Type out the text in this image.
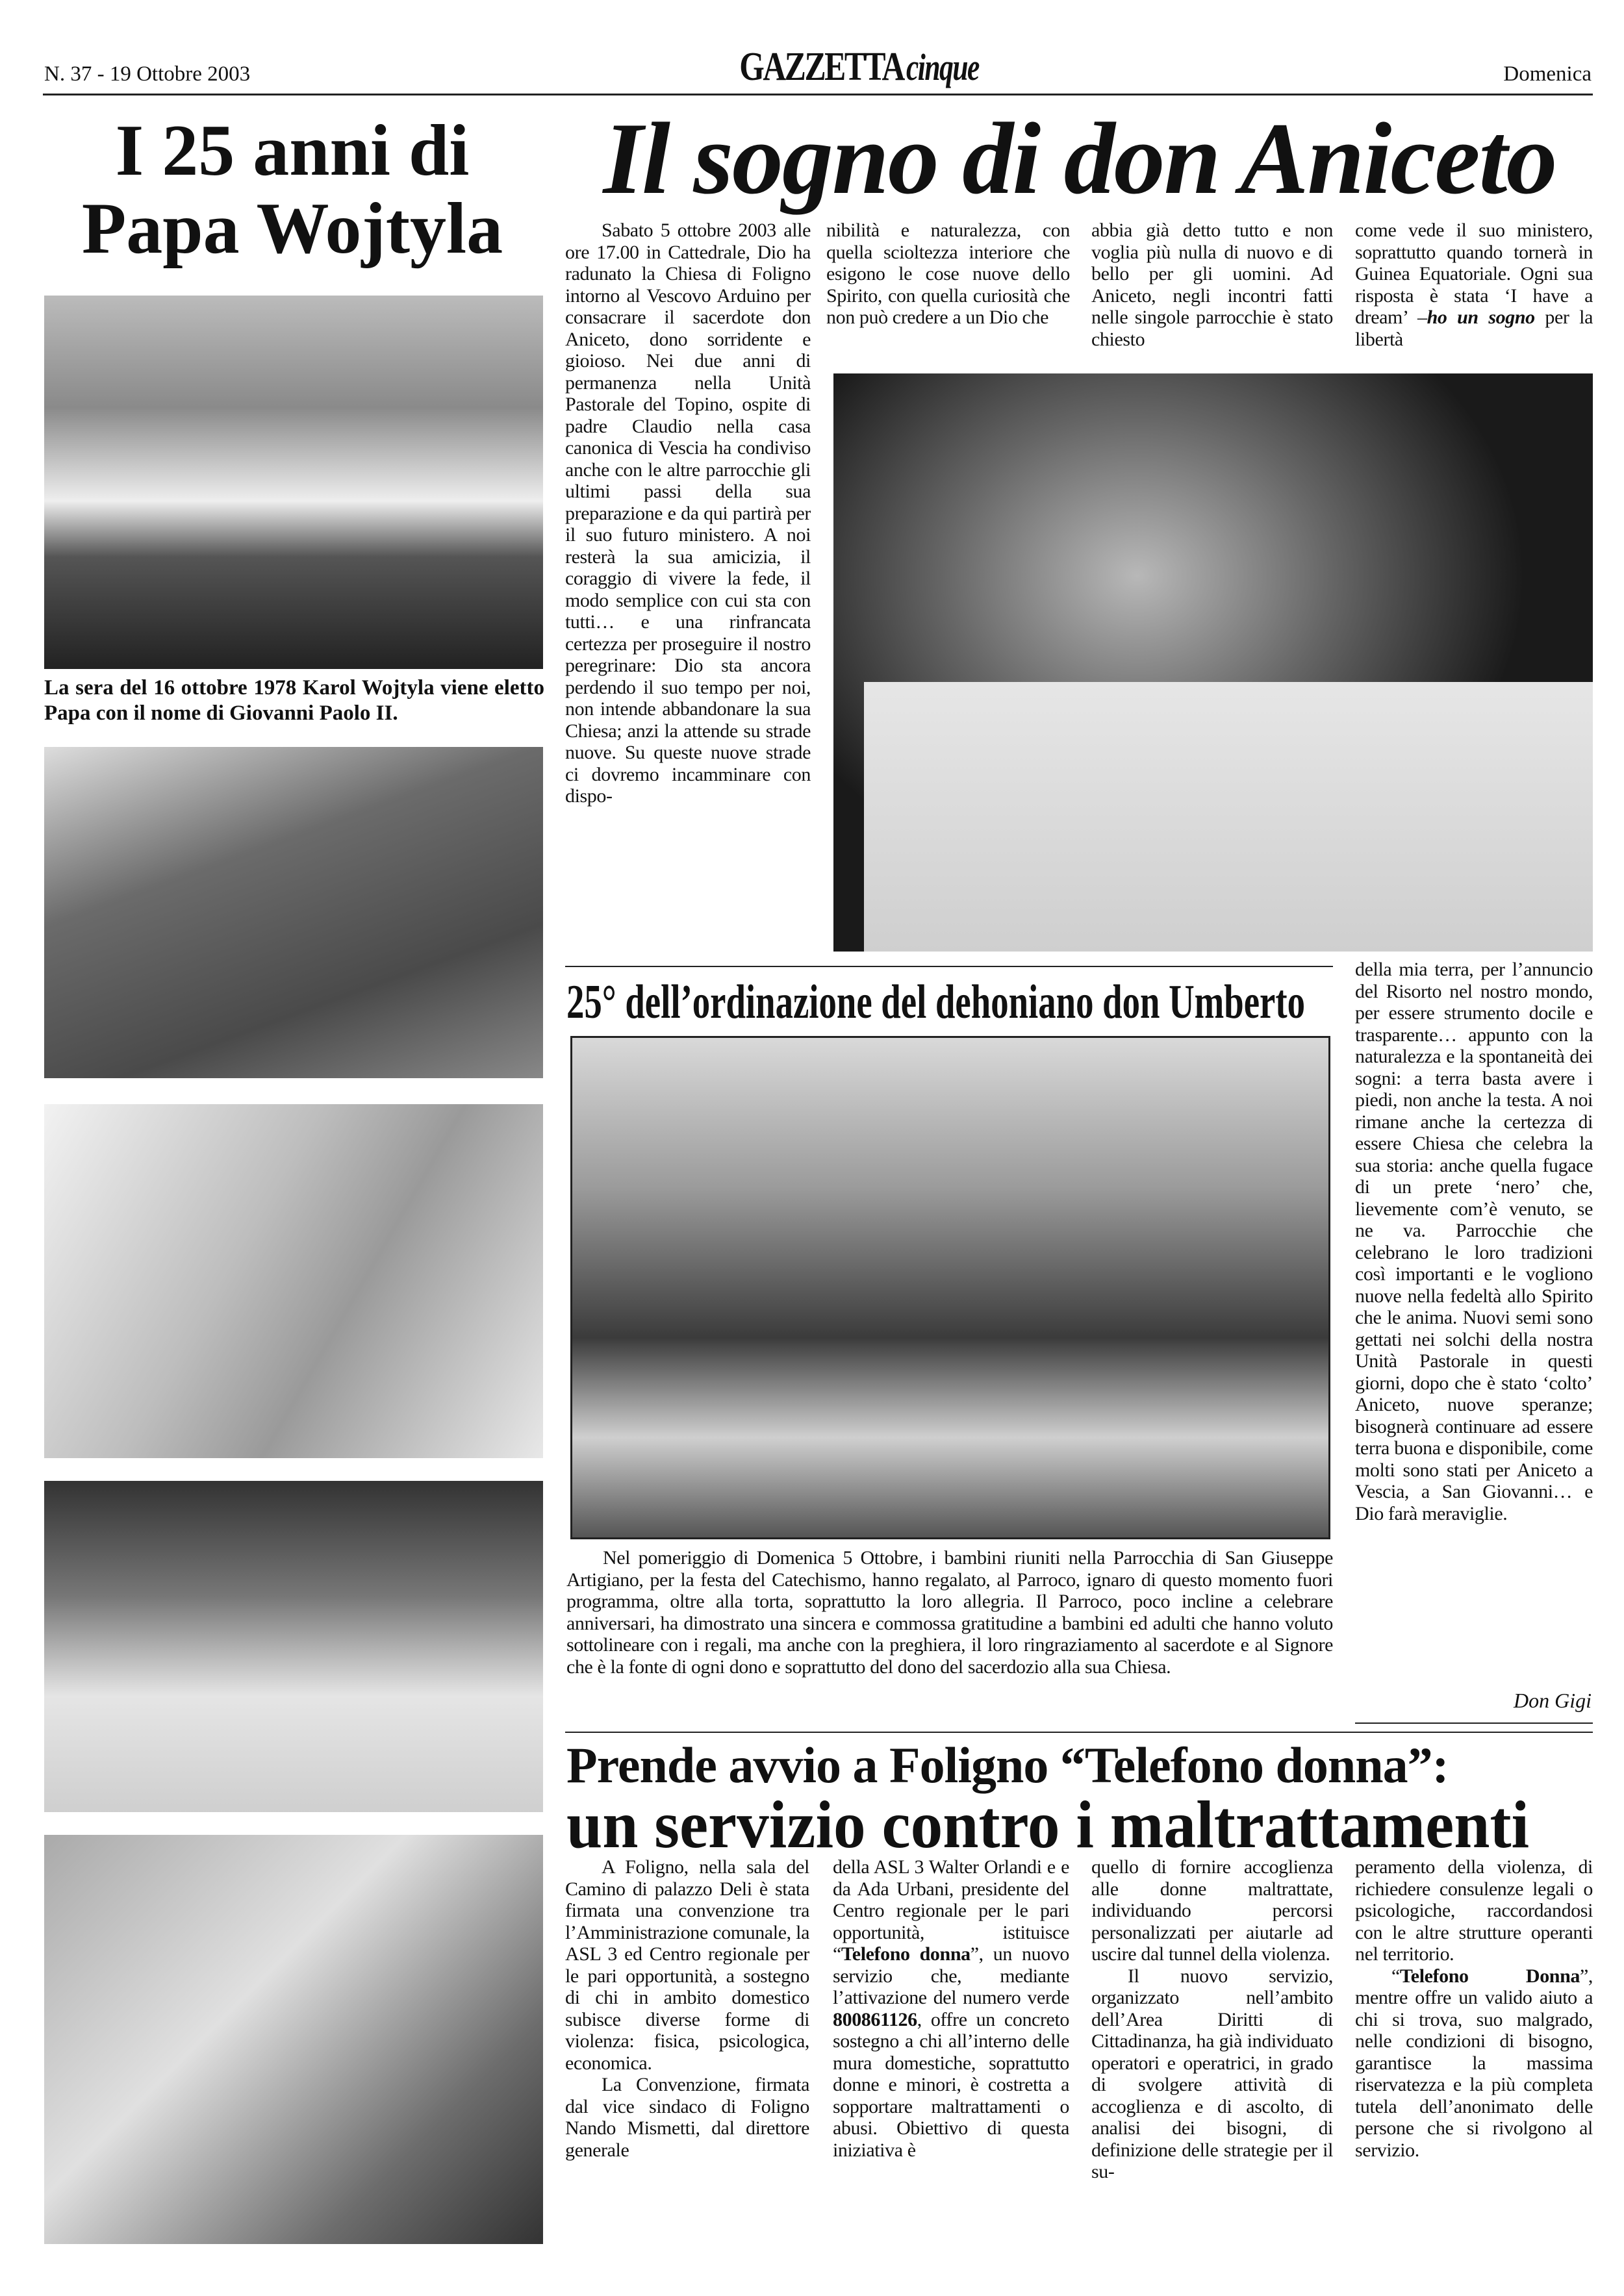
N. 37 - 19 Ottobre 2003	GAZZETTAcinque	Domenica
I 25 anni di
Papa Wojtyla
La sera del 16 ottobre 1978 Karol Wojtyla viene eletto Papa con il nome di Giovanni Paolo II.
Il sogno di don Aniceto

Sabato 5 ottobre 2003 alle ore 17.00 in Cattedrale, Dio ha radunato la Chiesa di Foligno intorno al Vescovo Arduino per consacrare il sacerdote don Aniceto, dono sorridente e gioioso. Nei due anni di permanenza nella Unità Pastorale del Topino, ospite di padre Claudio nella casa canonica di Vescia ha condiviso anche con le altre parrocchie gli ultimi passi della sua preparazione e da qui partirà per il suo futuro ministero. A noi resterà la sua amicizia, il coraggio di vivere la fede, il modo semplice con cui sta con tutti… e una rinfrancata certezza per proseguire il nostro peregrinare: Dio sta ancora perdendo il suo tempo per noi, non intende abbandonare la sua Chiesa; anzi la attende su strade nuove. Su queste nuove strade ci dovremo incamminare con dispo-

nibilità e naturalezza, con quella scioltezza interiore che esigono le cose nuove dello Spirito, con quella curiosità che non può credere a un Dio che

abbia già detto tutto e non voglia più nulla di nuovo e di bello per gli uomini. Ad Aniceto, negli incontri fatti nelle singole parrocchie è stato chiesto

come vede il suo ministero, soprattutto quando tornerà in Guinea Equatoriale. Ogni sua risposta è stata ‘I have a dream’ –ho un sogno per la libertà

della mia terra, per l’annuncio del Risorto nel nostro mondo, per essere strumento docile e trasparente… appunto con la naturalezza e la spontaneità dei sogni: a terra basta avere i piedi, non anche la testa. A noi rimane anche la certezza di essere Chiesa che celebra la sua storia: anche quella fugace di un prete ‘nero’ che, lievemente com’è venuto, se ne va. Parrocchie che celebrano le loro tradizioni così importanti e le vogliono nuove nella fedeltà allo Spirito che le anima. Nuovi semi sono gettati nei solchi della nostra Unità Pastorale in questi giorni, dopo che è stato ‘colto’ Aniceto, nuove speranze; bisognerà continuare ad essere terra buona e disponibile, come molti sono stati per Aniceto a Vescia, a San Giovanni… e Dio farà meraviglie.

Don Gigi
25° dell’ordinazione del dehoniano don Umberto

Nel pomeriggio di Domenica 5 Ottobre, i bambini riuniti nella Parrocchia di San Giuseppe Artigiano, per la festa del Catechismo, hanno regalato, al Parroco, ignaro di questo momento fuori programma, oltre alla torta, soprattutto la loro allegria. Il Parroco, poco incline a celebrare anniversari, ha dimostrato una sincera e commossa gratitudine a bambini ed adulti che hanno voluto sottolineare con i regali, ma anche con la preghiera, il loro ringraziamento al sacerdote e al Signore che è la fonte di ogni dono e soprattutto del dono del sacerdozio alla sua Chiesa.

Prende avvio a Foligno “Telefono donna”:
un servizio contro i maltrattamenti

A Foligno, nella sala del Camino di palazzo Deli è stata firmata una convenzione tra l’Amministrazione comunale, la ASL 3 ed Centro regionale per le pari opportunità, a sostegno di chi in ambito domestico subisce diverse forme di violenza: fisica, psicologica, economica.

La Convenzione, firmata dal vice sindaco di Foligno Nando Mismetti, dal direttore generale

della ASL 3 Walter Orlandi e e da Ada Urbani, presidente del Centro regionale per le pari opportunità, istituisce “Telefono donna”, un nuovo servizio che, mediante l’attivazione del numero verde 800861126, offre un concreto sostegno a chi all’interno delle mura domestiche, soprattutto donne e minori, è costretta a sopportare maltrattamenti o abusi. Obiettivo di questa iniziativa è

quello di fornire accoglienza alle donne maltrattate, individuando percorsi personalizzati per aiutarle ad uscire dal tunnel della violenza.

Il nuovo servizio, organizzato nell’ambito dell’Area Diritti di Cittadinanza, ha già individuato operatori e operatrici, in grado di svolgere attività di accoglienza e di ascolto, di analisi dei bisogni, di definizione delle strategie per il su-

peramento della violenza, di richiedere consulenze legali o psicologiche, raccordandosi con le altre strutture operanti nel territorio.

“Telefono Donna”, mentre offre un valido aiuto a chi si trova, suo malgrado, nelle condizioni di bisogno, garantisce la massima riservatezza e la più completa tutela dell’anonimato delle persone che si rivolgono al servizio.
